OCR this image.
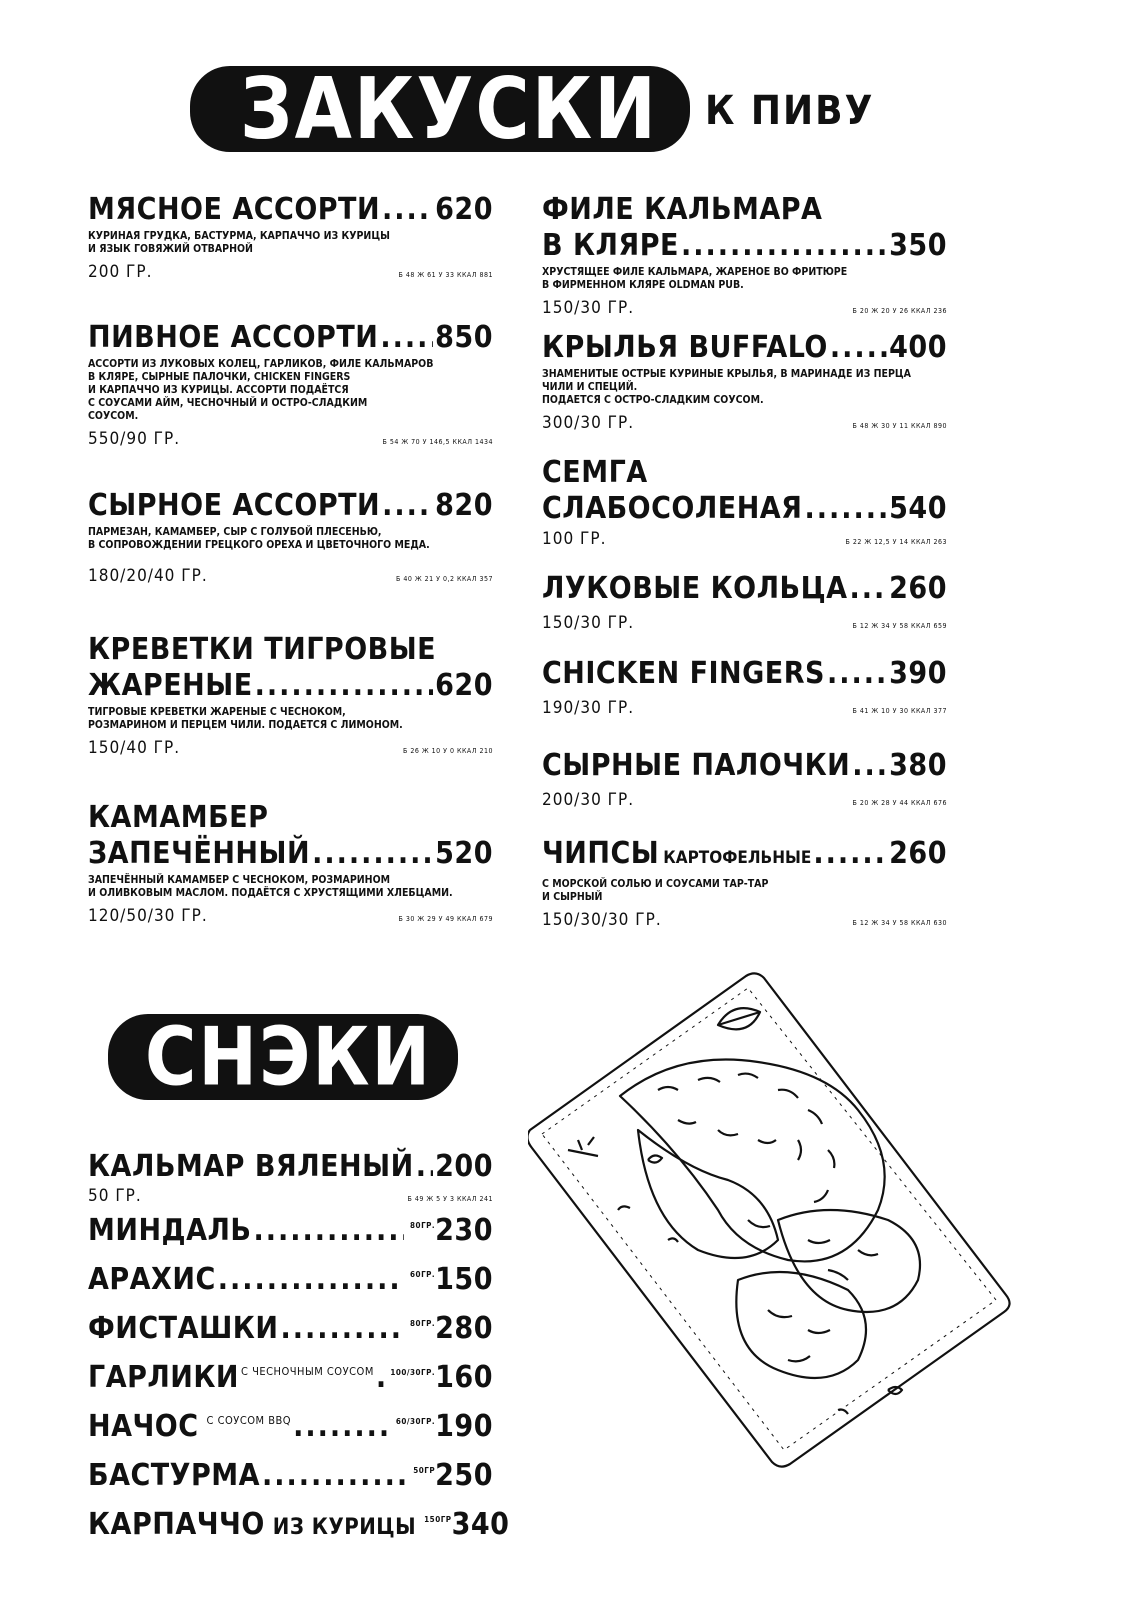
ЗАКУСКИ К ПИВУ
МЯСНОЕ АССОРТИ ..... 620
КУРИНАЯ ГРУДКА, БАСТУРМА, КАРПАЧЧО ИЗ КУРИЦЫ
И ЯЗЫК ГОВЯЖИЙ ОТВАРНОЙ
200 ГР.	Б 48 Ж 61 У 33 ККАЛ 881
ПИВНОЕ АССОРТИ ..... 850
АССОРТИ ИЗ ЛУКОВЫХ КОЛЕЦ, ГАРЛИКОВ, ФИЛЕ КАЛЬМАРОВ
В КЛЯРЕ, СЫРНЫЕ ПАЛОЧКИ, CHICKEN FINGERS
И КАРПАЧЧО ИЗ КУРИЦЫ. АССОРТИ ПОДАЁТСЯ
С СОУСАМИ АЙМ, ЧЕСНОЧНЫЙ И ОСТРО-СЛАДКИМ
СОУСОМ.
550/90 ГР.	Б 54 Ж 70 У 146,5 ККАЛ 1434
СЫРНОЕ АССОРТИ ..... 820
ПАРМЕЗАН, КАМАМБЕР, СЫР С ГОЛУБОЙ ПЛЕСЕНЬЮ,
В СОПРОВОЖДЕНИИ ГРЕЦКОГО ОРЕХА И ЦВЕТОЧНОГО МЕДА.
180/20/40 ГР.	Б 40 Ж 21 У 0,2 ККАЛ 357
КРЕВЕТКИ ТИГРОВЫЕ
ЖАРЕНЫЕ .....	620
ТИГРОВЫЕ КРЕВЕТКИ ЖАРЕНЫЕ С ЧЕСНОКОМ,
РОЗМАРИНОМ И ПЕРЦЕМ ЧИЛИ. ПОДАЕТСЯ С ЛИМОНОМ.
150/40 ГР.	Б 26 Ж 10 У 0 ККАЛ 210
КАМАМБЕР
ЗАПЕЧЁННЫЙ .....	520
ЗАПЕЧЁННЫЙ КАМАМБЕР С ЧЕСНОКОМ, РОЗМАРИНОМ
И ОЛИВКОВЫМ МАСЛОМ. ПОДАЁТСЯ С ХРУСТЯЩИМИ ХЛЕБЦАМИ.
120/50/30 ГР.	Б 30 Ж 29 У 49 ККАЛ 679
ФИЛЕ КАЛЬМАРА
В КЛЯРЕ .....	350
ХРУСТЯЩЕЕ ФИЛЕ КАЛЬМАРА, ЖАРЕНОЕ ВО ФРИТЮРЕ
В ФИРМЕННОМ КЛЯРЕ OLDMAN PUB.
150/30 ГР.	Б 20 Ж 20 У 26 ККАЛ 236
КРЫЛЬЯ BUFFALO ..... 400
ЗНАМЕНИТЫЕ ОСТРЫЕ КУРИНЫЕ КРЫЛЬЯ, В МАРИНАДЕ ИЗ ПЕРЦА
ЧИЛИ И СПЕЦИЙ.
ПОДАЕТСЯ С ОСТРО-СЛАДКИМ СОУСОМ.
300/30 ГР.	Б 48 Ж 30 У 11 ККАЛ 890
СЕМГА
СЛАБОСОЛЕНАЯ .....	540
100 ГР.	Б 22 Ж 12,5 У 14 ККАЛ 263
ЛУКОВЫЕ КОЛЬЦА ..... 260
150/30 ГР.	Б 12 Ж 34 У 58 ККАЛ 659
CHICKEN FINGERS ..... 390
190/30 ГР.	Б 41 Ж 10 У 30 ККАЛ 377
СЫРНЫЕ ПАЛОЧКИ ..... 380
200/30 ГР.	Б 20 Ж 28 У 44 ККАЛ 676
ЧИПСЫ КАРТОФЕЛЬНЫЕ .....	260
С МОРСКОЙ СОЛЬЮ И СОУСАМИ ТАР-ТАР
И СЫРНЫЙ
150/30/30 ГР.	Б 12 Ж 34 У 58 ККАЛ 630
СНЭКИ
КАЛЬМАР ВЯЛЕНЫЙ ..... 200
50 ГР.	Б 49 Ж 5 У 3 ККАЛ 241
МИНДАЛЬ .....	80ГР. 230
АРАХИС .....	60ГР. 150
ФИСТАШКИ .....	80ГР. 280
ГАРЛИКИ С ЧЕСНОЧНЫМ СОУСОМ ..... 100/30ГР. 160
НАЧОС С СОУСОМ BBQ .....	60/30ГР. 190
БАСТУРМА .....	50ГР 250
КАРПАЧЧО ИЗ КУРИЦЫ 150ГР 340
